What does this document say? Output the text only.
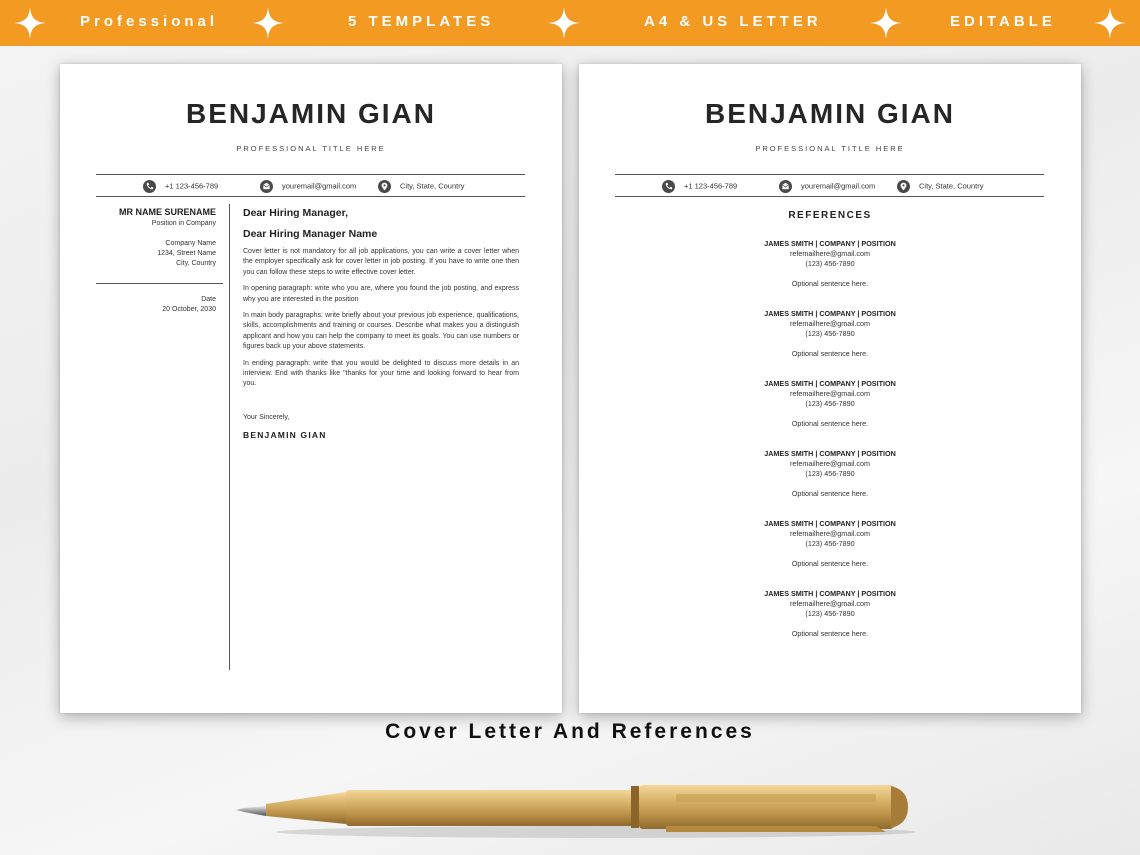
Professional	5 TEMPLATES	A4 & US LETTER	EDITABLE
BENJAMIN GIAN
PROFESSIONAL TITLE HERE
+1 123-456-789	youremail@gmail.com	City, State, Country
MR NAME SURENAME
Position in Company
Company Name
1234, Street Name
City, Country
Date
20 October, 2030
Dear Hiring Manager,
Dear Hiring Manager Name
Cover letter is not mandatory for all job applications, you can write a cover letter when the employer specifically ask for cover letter in job posting. If you have to write one then you can follow these steps to write effective cover letter.
In opening paragraph: write who you are, where you found the job posting, and express why you are interested in the position
In main body paragraphs: write briefly about your previous job experience, qualifications, skills, accomplishments and training or courses. Describe what makes you a distinguish applicant and how you can help the company to meet its goals. You can use numbers or figures back up your above statements.
In ending paragraph: write that you would be delighted to discuss more details in an interview. End with thanks like "thanks for your time and looking forward to hear from you.
Your Sincerely,
BENJAMIN GIAN
BENJAMIN GIAN
PROFESSIONAL TITLE HERE
+1 123-456-789	youremail@gmail.com	City, State, Country
REFERENCES
JAMES SMITH | COMPANY | POSITION
refemailhere@gmail.com
(123) 456-7890
Optional sentence here.
JAMES SMITH | COMPANY | POSITION
refemailhere@gmail.com
(123) 456-7890
Optional sentence here.
JAMES SMITH | COMPANY | POSITION
refemailhere@gmail.com
(123) 456-7890
Optional sentence here.
JAMES SMITH | COMPANY | POSITION
refemailhere@gmail.com
(123) 456-7890
Optional sentence here.
JAMES SMITH | COMPANY | POSITION
refemailhere@gmail.com
(123) 456-7890
Optional sentence here.
JAMES SMITH | COMPANY | POSITION
refemailhere@gmail.com
(123) 456-7890
Optional sentence here.
Cover Letter And References
